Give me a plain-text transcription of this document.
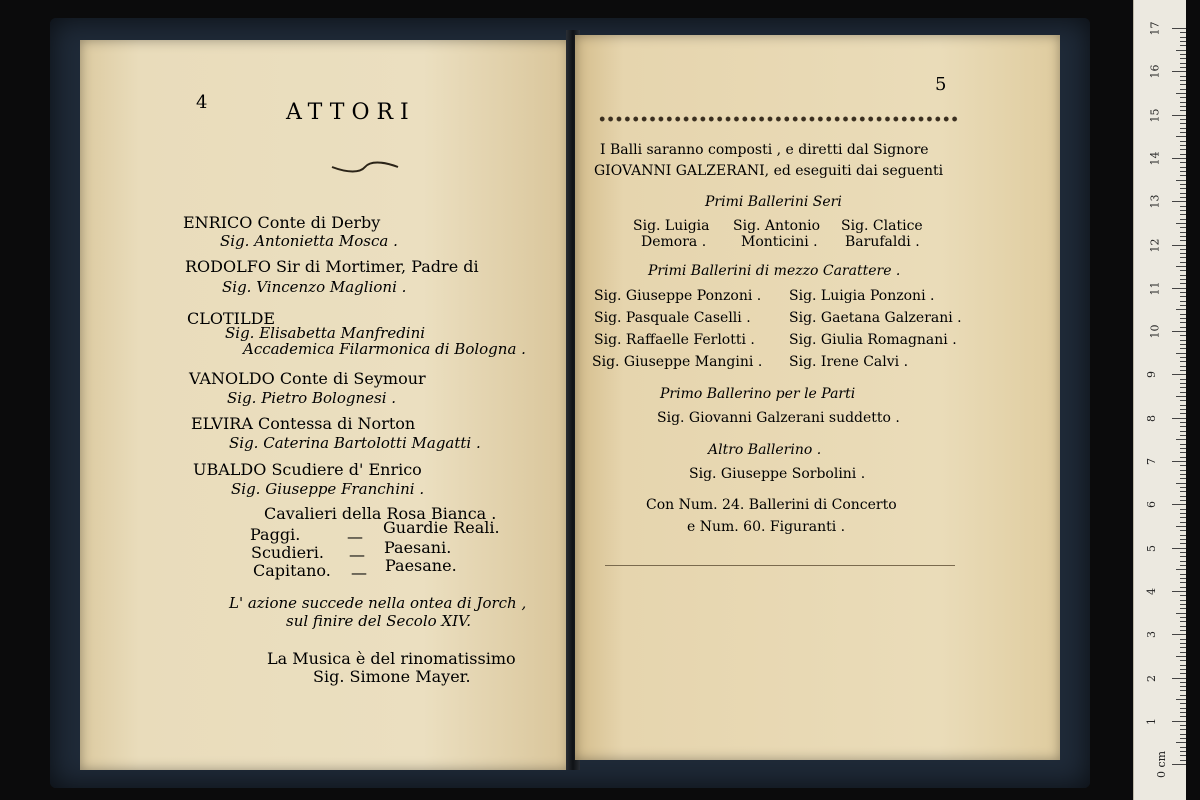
4	ATTORI
ENRICO Conte di Derby
Sig. Antonietta Mosca .
RODOLFO Sir di Mortimer, Padre di
Sig. Vincenzo Maglioni .
CLOTILDE
Sig. Elisabetta Manfredini
Accademica Filarmonica di Bologna .
VANOLDO Conte di Seymour
Sig. Pietro Bolognesi .
ELVIRA Contessa di Norton
Sig. Caterina Bartolotti Magatti .
UBALDO Scudiere d' Enrico
Sig. Giuseppe Franchini .
Cavalieri della Rosa Bianca .
Paggi.
Scudieri.
Capitano.
—
—
—
Guardie Reali.
Paesani.
Paesane.
L' azione succede nella ontea di Jorch ,
sul finire del Secolo XIV.
La Musica è del rinomatissimo
Sig. Simone Mayer.
5
I Balli saranno composti , e diretti dal Signore
GIOVANNI GALZERANI, ed eseguiti dai seguenti
Primi Ballerini Seri
Sig. Luigia
Demora .
Sig. Antonio
Monticini .
Sig. Clatice
Barufaldi .
Primi Ballerini di mezzo Carattere .
Sig. Giuseppe Ponzoni .
Sig. Pasquale Caselli .
Sig. Raffaelle Ferlotti .
Sig. Giuseppe Mangini .
Sig. Luigia Ponzoni .
Sig. Gaetana Galzerani .
Sig. Giulia Romagnani .
Sig. Irene Calvi .
Primo Ballerino per le Parti
Sig. Giovanni Galzerani suddetto .
Altro Ballerino .
Sig. Giuseppe Sorbolini .
Con Num. 24. Ballerini di Concerto
e Num. 60. Figuranti .
17
16
15
14
13
12
11
10
9
8
7
6
5
4
3
2
1
0 cm
